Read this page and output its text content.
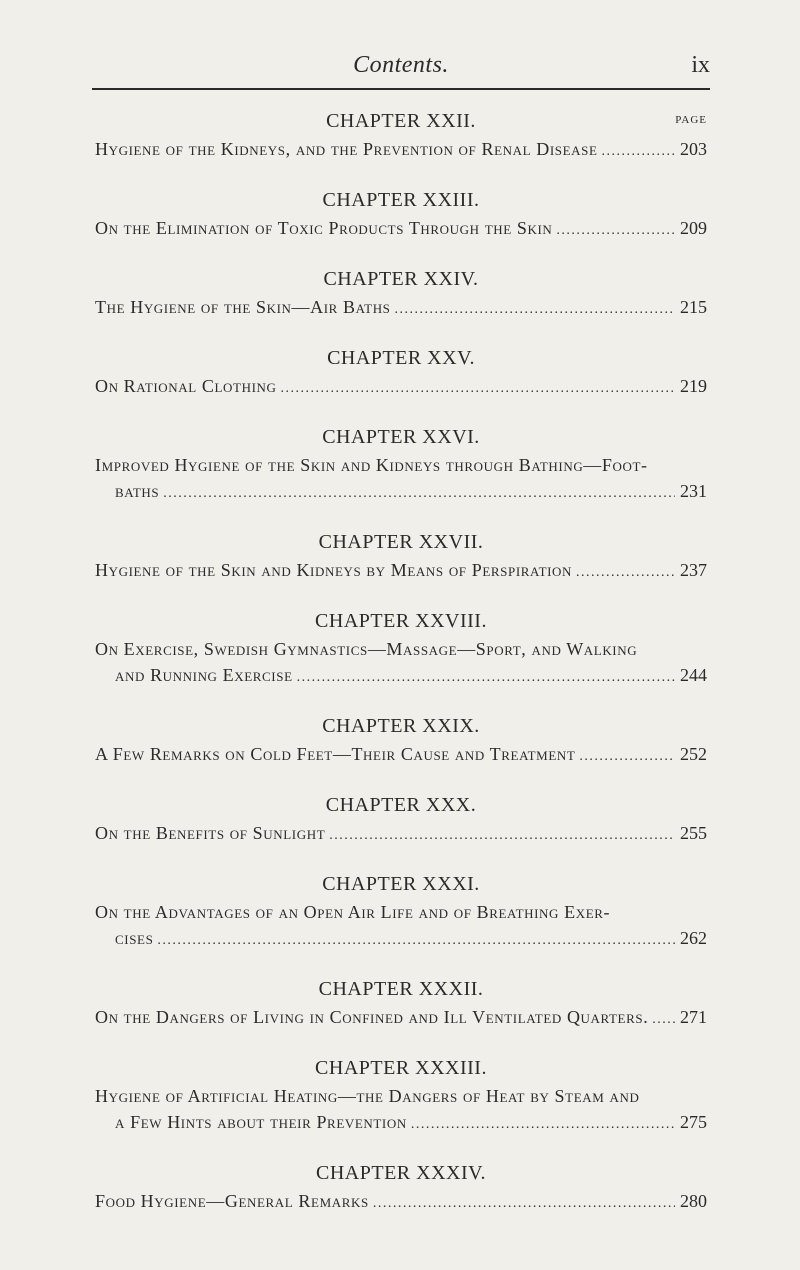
Contents.	ix
CHAPTER XXII.	PAGE
Hygiene of the Kidneys, and the Prevention of Renal Disease . . .	203
CHAPTER XXIII.
On the Elimination of Toxic Products Through the Skin . . .	209
CHAPTER XXIV.
The Hygiene of the Skin—Air Baths . . .	215
CHAPTER XXV.
On Rational Clothing . . .	219
CHAPTER XXVI.
Improved Hygiene of the Skin and Kidneys through Bathing—Foot-
baths . . .	231
CHAPTER XXVII.
Hygiene of the Skin and Kidneys by Means of Perspiration . . .	237
CHAPTER XXVIII.
On Exercise, Swedish Gymnastics—Massage—Sport, and Walking
and Running Exercise . . .	244
CHAPTER XXIX.
A Few Remarks on Cold Feet—Their Cause and Treatment . . .	252
CHAPTER XXX.
On the Benefits of Sunlight . . .	255
CHAPTER XXXI.
On the Advantages of an Open Air Life and of Breathing Exer-
cises . . .	262
CHAPTER XXXII.
On the Dangers of Living in Confined and Ill Ventilated Quarters. . . . 271
CHAPTER XXXIII.
Hygiene of Artificial Heating—the Dangers of Heat by Steam and
a Few Hints about their Prevention . . .	275
CHAPTER XXXIV.
Food Hygiene—General Remarks . . .	280
